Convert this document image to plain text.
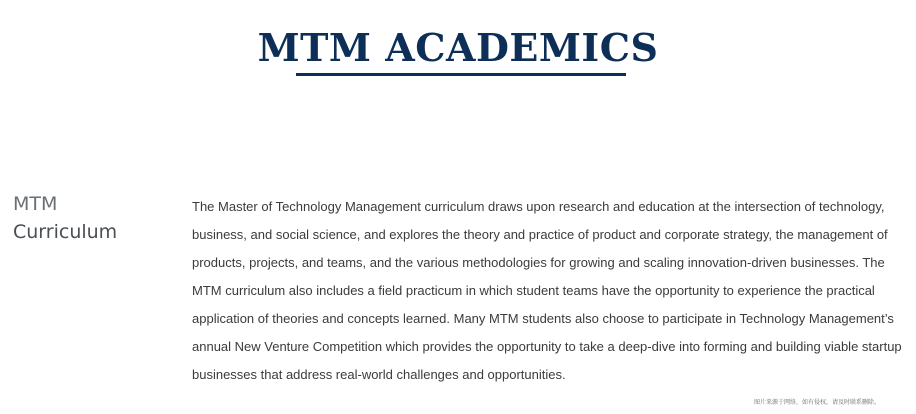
MTM ACADEMICS
MTM
Curriculum

The Master of Technology Management curriculum draws upon research and education at the intersection of technology, business, and social science, and explores the theory and practice of product and corporate strategy, the management of products, projects, and teams, and the various methodologies for growing and scaling innovation-driven businesses. The MTM curriculum also includes a field practicum in which student teams have the opportunity to experience the practical application of theories and concepts learned. Many MTM students also choose to participate in Technology Management’s annual New Venture Competition which provides the opportunity to take a deep-dive into forming and building viable startup businesses that address real-world challenges and opportunities.

图片来源于网络，如有侵权，请及时联系删除。
